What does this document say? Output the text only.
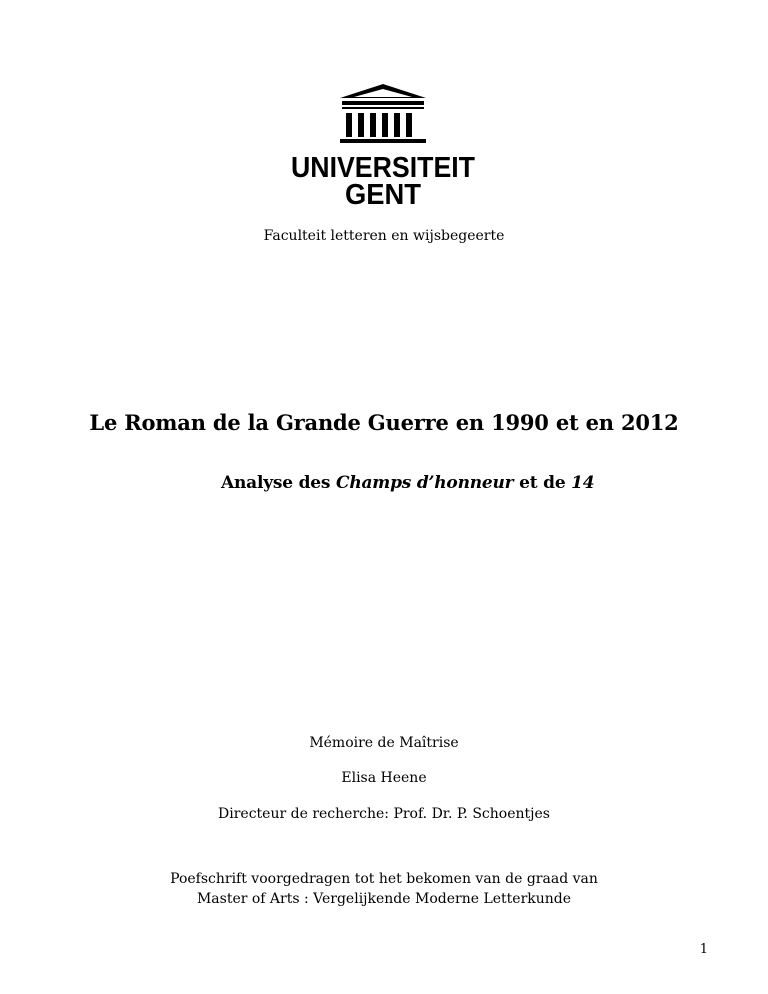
UNIVERSITEIT
GENT
Faculteit letteren en wijsbegeerte
Le Roman de la Grande Guerre en 1990 et en 2012
Analyse des Champs d’honneur et de 14
Mémoire de Maîtrise
Elisa Heene
Directeur de recherche: Prof. Dr. P. Schoentjes
Poefschrift voorgedragen tot het bekomen van de graad van
Master of Arts : Vergelijkende Moderne Letterkunde
1
